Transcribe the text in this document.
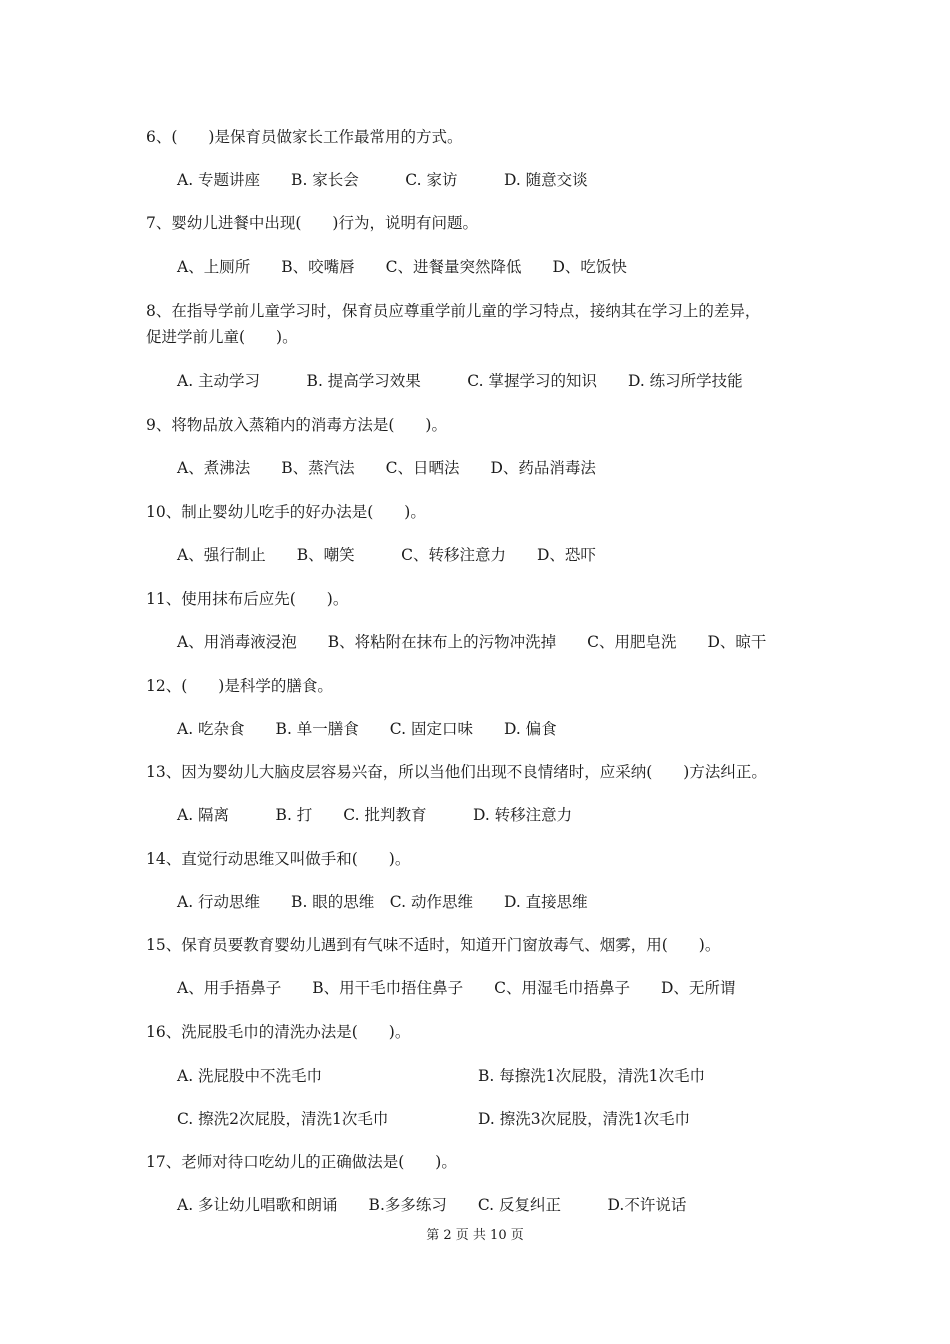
6、(　　)是保育员做家长工作最常用的方式。
A. 专题讲座　　B. 家长会　　　C. 家访　　　D. 随意交谈
7、婴幼儿进餐中出现(　　)行为，说明有问题。
A、上厕所　　B、咬嘴唇　　C、进餐量突然降低　　D、吃饭快
8、在指导学前儿童学习时，保育员应尊重学前儿童的学习特点，接纳其在学习上的差异，
促进学前儿童(　　)。
A. 主动学习　　　B. 提高学习效果　　　C. 掌握学习的知识　　D. 练习所学技能
9、将物品放入蒸箱内的消毒方法是(　　)。
A、煮沸法　　B、蒸汽法　　C、日晒法　　D、药品消毒法
10、制止婴幼儿吃手的好办法是(　　)。
A、强行制止　　B、嘲笑　　　C、转移注意力　　D、恐吓
11、使用抹布后应先(　　)。
A、用消毒液浸泡　　B、将粘附在抹布上的污物冲洗掉　　C、用肥皂洗　　D、晾干
12、(　　)是科学的膳食。
A. 吃杂食　　B. 单一膳食　　C. 固定口味　　D. 偏食
13、因为婴幼儿大脑皮层容易兴奋，所以当他们出现不良情绪时，应采纳(　　)方法纠正。
A. 隔离　　　B. 打　　C. 批判教育　　　D. 转移注意力
14、直觉行动思维又叫做手和(　　)。
A. 行动思维　　B. 眼的思维　C. 动作思维　　D. 直接思维
15、保育员要教育婴幼儿遇到有气味不适时，知道开门窗放毒气、烟雾，用(　　)。
A、用手捂鼻子　　B、用干毛巾捂住鼻子　　C、用湿毛巾捂鼻子　　D、无所谓
16、洗屁股毛巾的清洗办法是(　　)。
A. 洗屁股中不洗毛巾	B. 每擦洗1次屁股，清洗1次毛巾
C. 擦洗2次屁股，清洗1次毛巾	D. 擦洗3次屁股，清洗1次毛巾
17、老师对待口吃幼儿的正确做法是(　　)。
A. 多让幼儿唱歌和朗诵　　B.多多练习　　C. 反复纠正　　　D.不许说话
第 2 页 共 10 页
